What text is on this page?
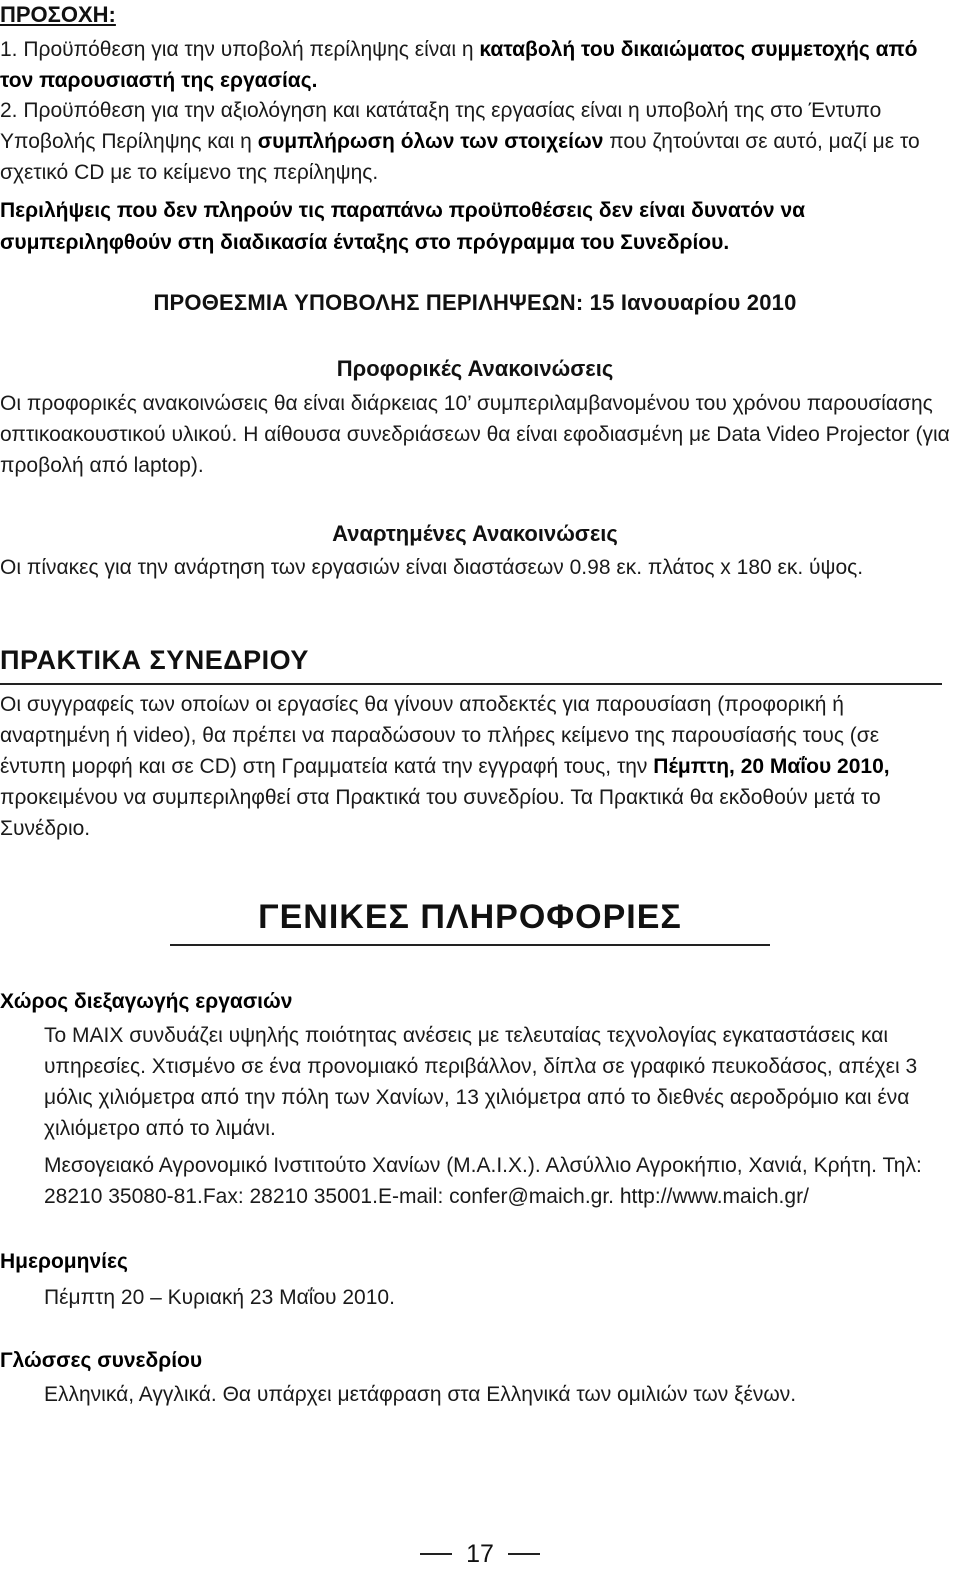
ΠΡΟΣΟΧΗ:
1. Προϋπόθεση για την υποβολή περίληψης είναι η καταβολή του δικαιώματος συμμετοχής από τον παρουσιαστή της εργασίας.
2. Προϋπόθεση για την αξιολόγηση και κατάταξη της εργασίας είναι η υποβολή της στο Έντυπο Υποβολής Περίληψης και η συμπλήρωση όλων των στοιχείων που ζητούνται σε αυτό, μαζί με το σχετικό CD με το κείμενο της περίληψης.
Περιλήψεις που δεν πληρούν τις παραπάνω προϋποθέσεις δεν είναι δυνατόν να συμπεριληφθούν στη διαδικασία ένταξης στο πρόγραμμα του Συνεδρίου.
ΠΡΟΘΕΣΜΙΑ ΥΠΟΒΟΛΗΣ ΠΕΡΙΛΗΨΕΩΝ: 15 Ιανουαρίου 2010
Προφορικές Ανακοινώσεις
Οι προφορικές ανακοινώσεις θα είναι διάρκειας 10’ συμπεριλαμβανομένου του χρόνου παρουσίασης οπτικοακουστικού υλικού. Η αίθουσα συνεδριάσεων θα είναι εφοδιασμένη με Data Video Projector (για προβολή από laptop).
Αναρτημένες Ανακοινώσεις
Οι πίνακες για την ανάρτηση των εργασιών είναι διαστάσεων 0.98 εκ. πλάτος x 180 εκ. ύψος.
ΠΡΑΚΤΙΚΑ ΣΥΝΕΔΡΙΟΥ
Οι συγγραφείς των οποίων οι εργασίες θα γίνουν αποδεκτές για παρουσίαση (προφορική ή αναρτημένη ή video), θα πρέπει να παραδώσουν το πλήρες κείμενο της παρουσίασής τους (σε έντυπη μορφή και σε CD) στη Γραμματεία κατά την εγγραφή τους, την Πέμπτη, 20 Μαΐου 2010, προκειμένου να συμπεριληφθεί στα Πρακτικά του συνεδρίου. Τα Πρακτικά θα εκδοθούν μετά το Συνέδριο.
ΓΕΝΙΚΕΣ ΠΛΗΡΟΦΟΡΙΕΣ
Χώρος διεξαγωγής εργασιών
Το ΜΑΙΧ συνδυάζει υψηλής ποιότητας ανέσεις με τελευταίας τεχνολογίας εγκαταστάσεις και υπηρεσίες. Χτισμένο σε ένα προνομιακό περιβάλλον, δίπλα σε γραφικό πευκοδάσος, απέχει 3 μόλις χιλιόμετρα από την πόλη των Χανίων, 13 χιλιόμετρα από το διεθνές αεροδρόμιο και ένα χιλιόμετρο από το λιμάνι.
Μεσογειακό Αγρονομικό Ινστιτούτο Χανίων (Μ.Α.Ι.Χ.). Αλσύλλιο Αγροκήπιο, Χανιά, Κρήτη. Τηλ: 28210 35080-81.Fax: 28210 35001.E-mail: confer@maich.gr. http://www.maich.gr/
Ημερομηνίες
Πέμπτη 20 – Κυριακή 23 Μαΐου 2010.
Γλώσσες συνεδρίου
Ελληνικά, Αγγλικά. Θα υπάρχει μετάφραση στα Ελληνικά των ομιλιών των ξένων.
17
